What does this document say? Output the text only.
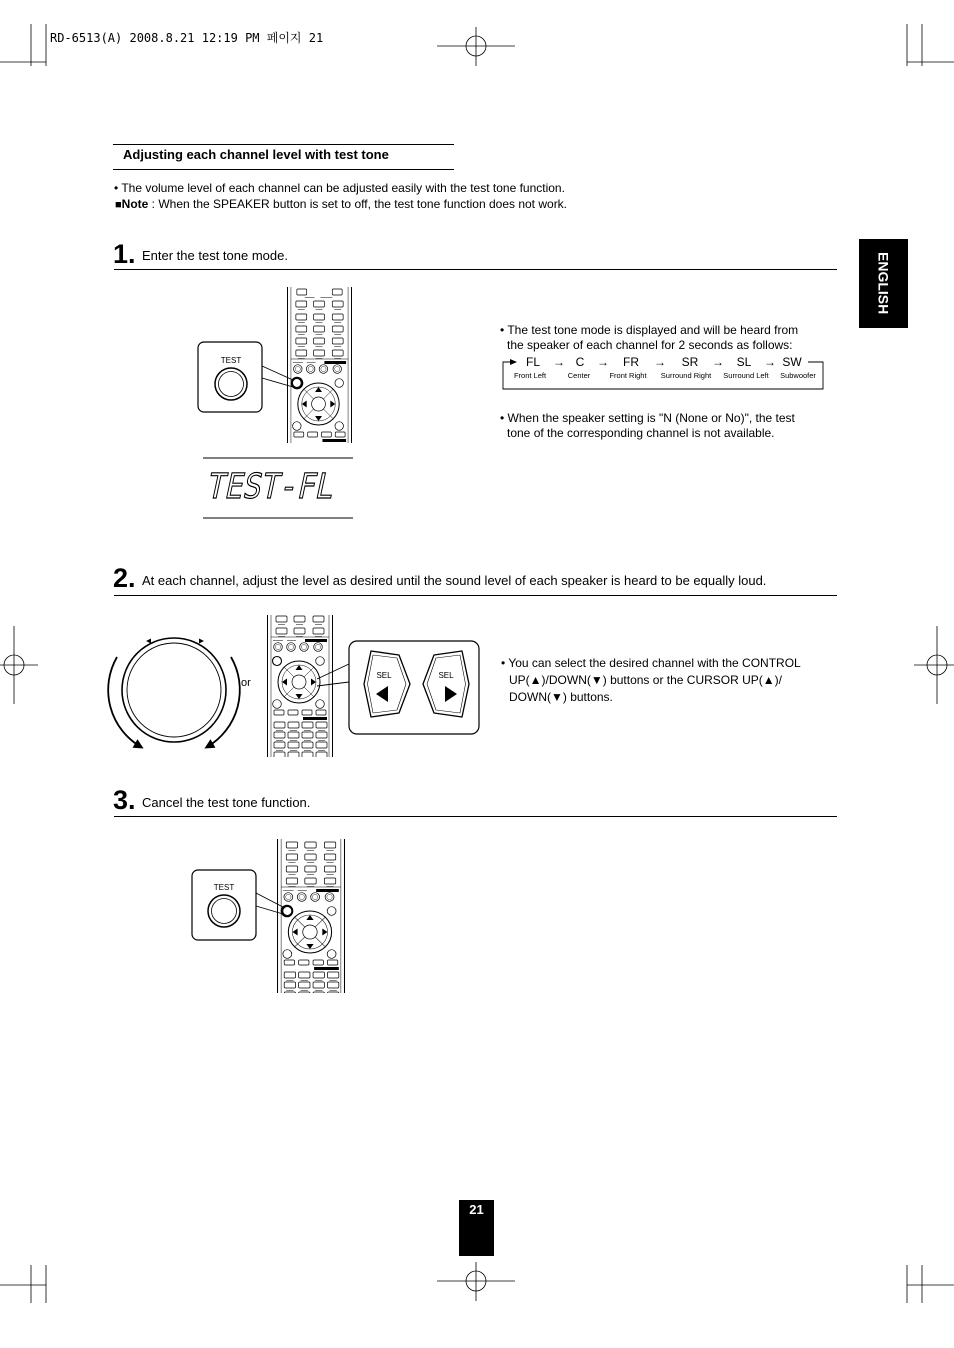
TEST
SEL	SEL
TEST
RD-6513(A) 2008.8.21 12:19 PM 페이지 21
Adjusting each channel level with test tone
• The volume level of each channel can be adjusted easily with the test tone function.
■Note : When the SPEAKER button is set to off, the test tone function does not work.
ENGLISH
1. Enter the test tone mode.
TEST-FL
• The test tone mode is displayed and will be heard from
the speaker of each channel for 2 seconds as follows:
FL → C → FR → SR → SL → SW
Front Left	Center	Front Right Surround Right Surround Left Subwoofer
• When the speaker setting is "N (None or No)", the test
tone of the corresponding channel is not available.
2. At each channel, adjust the level as desired until the sound level of each speaker is heard to be equally loud.
or
• You can select the desired channel with the CONTROL
UP(▲)/DOWN(▼) buttons or the CURSOR UP(▲)/
DOWN(▼) buttons.
3. Cancel the test tone function.
21
